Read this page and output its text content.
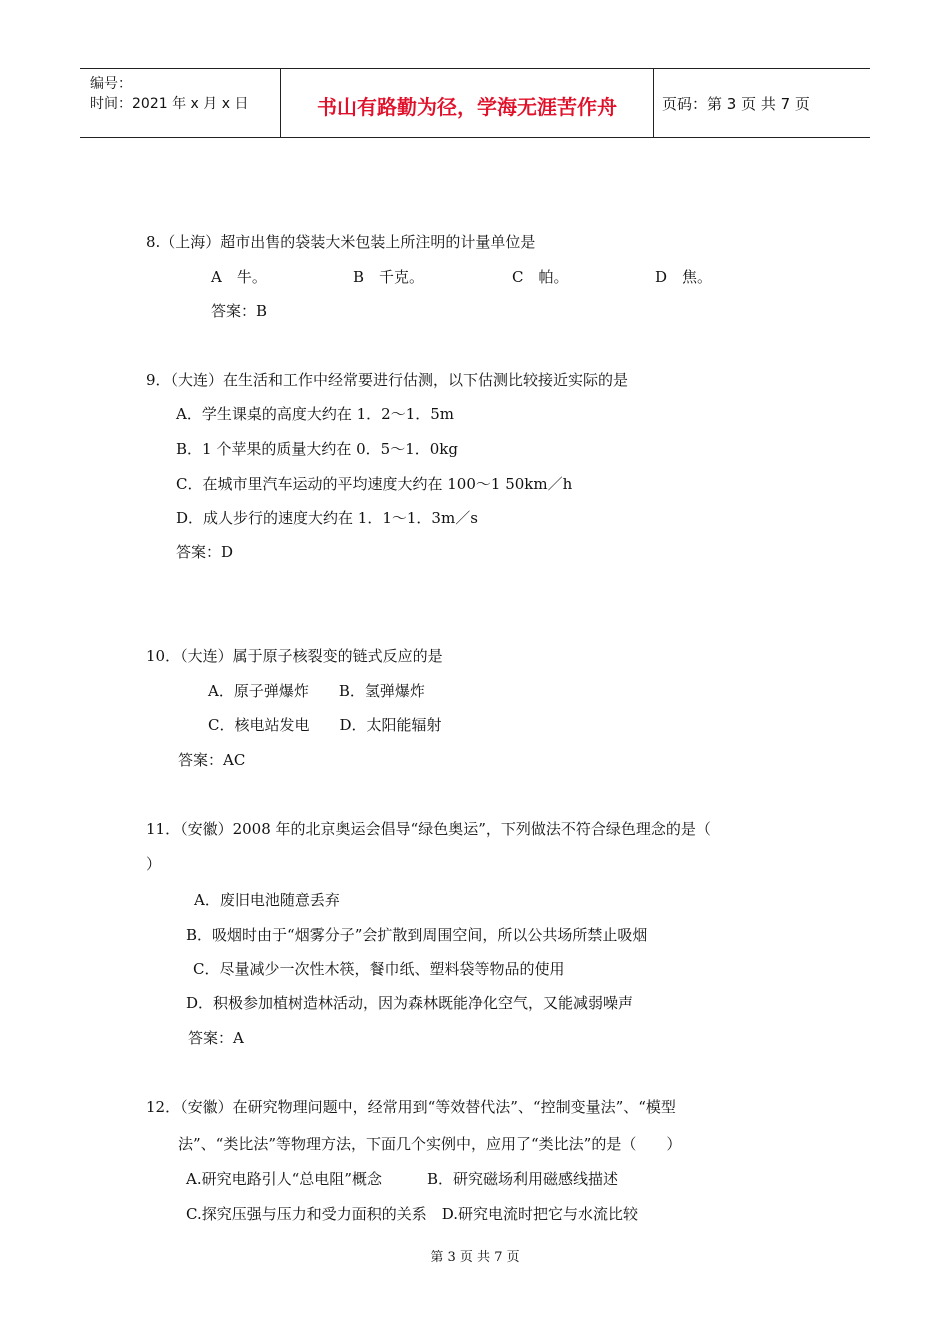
编号：
时间：2021 年 x 月 x 日	书山有路勤为径，学海无涯苦作舟	页码：第 3 页 共 7 页
8.（上海）超市出售的袋装大米包装上所注明的计量单位是
A　牛。	B　千克。	C　帕。	D　焦。
答案：B
9．（大连）在生活和工作中经常要进行估测，以下估测比较接近实际的是
A．学生课桌的高度大约在 1．2～1．5m
B．1 个苹果的质量大约在 0．5～1．0kg
C．在城市里汽车运动的平均速度大约在 100～1 50km／h
D．成人步行的速度大约在 1．1～1．3m／s
答案：D
10．（大连）属于原子核裂变的链式反应的是
A．原子弹爆炸　　B．氢弹爆炸
C．核电站发电　　D．太阳能辐射
答案：AC
11．（安徽）2008 年的北京奥运会倡导“绿色奥运”，下列做法不符合绿色理念的是（
）
A．废旧电池随意丢弃
B．吸烟时由于“烟雾分子”会扩散到周围空间，所以公共场所禁止吸烟
C．尽量减少一次性木筷，餐巾纸、塑料袋等物品的使用
D．积极参加植树造林活动，因为森林既能净化空气，又能减弱噪声
答案：A
12．（安徽）在研究物理问题中，经常用到“等效替代法”、“控制变量法”、“模型
法”、“类比法”等物理方法，下面几个实例中，应用了“类比法”的是（　　）
A.研究电路引人“总电阻”概念　　　B．研究磁场利用磁感线描述
C.探究压强与压力和受力面积的关系　D.研究电流时把它与水流比较
第 3 页 共 7 页
